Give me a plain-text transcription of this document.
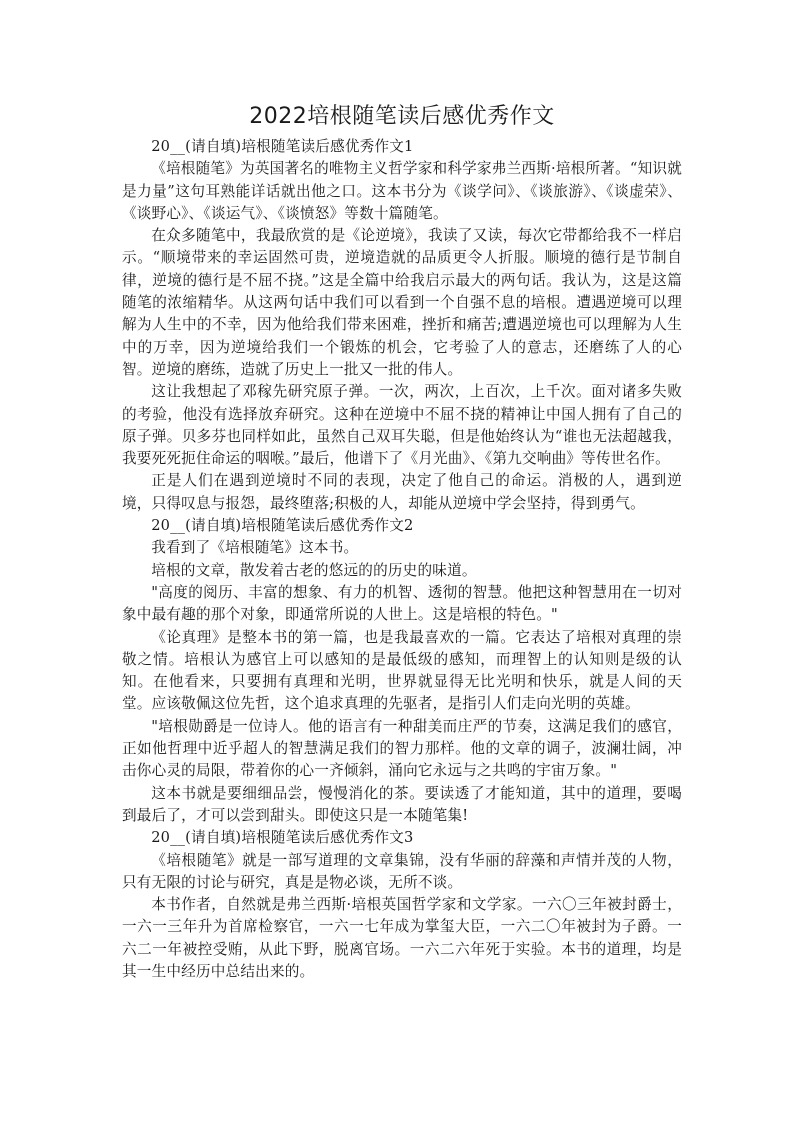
2022培根随笔读后感优秀作文

20__(请自填)培根随笔读后感优秀作文1

《培根随笔》为英国著名的唯物主义哲学家和科学家弗兰西斯·培根所著。“知识就是力量”这句耳熟能详话就出他之口。这本书分为《谈学问》、《谈旅游》、《谈虚荣》、《谈野心》、《谈运气》、《谈愤怒》等数十篇随笔。

在众多随笔中，我最欣赏的是《论逆境》，我读了又读，每次它带都给我不一样启示。“顺境带来的幸运固然可贵，逆境造就的品质更令人折服。顺境的德行是节制自律，逆境的德行是不屈不挠。”这是全篇中给我启示最大的两句话。我认为，这是这篇随笔的浓缩精华。从这两句话中我们可以看到一个自强不息的培根。遭遇逆境可以理解为人生中的不幸，因为他给我们带来困难，挫折和痛苦;遭遇逆境也可以理解为人生中的万幸，因为逆境给我们一个锻炼的机会，它考验了人的意志，还磨练了人的心智。逆境的磨练，造就了历史上一批又一批的伟人。

这让我想起了邓稼先研究原子弹。一次，两次，上百次，上千次。面对诸多失败的考验，他没有选择放弃研究。这种在逆境中不屈不挠的精神让中国人拥有了自己的原子弹。贝多芬也同样如此，虽然自己双耳失聪，但是他始终认为“谁也无法超越我，我要死死扼住命运的咽喉。”最后，他谱下了《月光曲》、《第九交响曲》等传世名作。

正是人们在遇到逆境时不同的表现，决定了他自己的命运。消极的人，遇到逆境，只得叹息与报怨，最终堕落;积极的人，却能从逆境中学会坚持，得到勇气。

20__(请自填)培根随笔读后感优秀作文2

我看到了《培根随笔》这本书。

培根的文章，散发着古老的悠远的的历史的味道。

"高度的阅历、丰富的想象、有力的机智、透彻的智慧。他把这种智慧用在一切对象中最有趣的那个对象，即通常所说的人世上。这是培根的特色。"

《论真理》是整本书的第一篇，也是我最喜欢的一篇。它表达了培根对真理的崇敬之情。培根认为感官上可以感知的是最低级的感知，而理智上的认知则是级的认知。在他看来，只要拥有真理和光明，世界就显得无比光明和快乐，就是人间的天堂。应该敬佩这位先哲，这个追求真理的先驱者，是指引人们走向光明的英雄。

"培根勋爵是一位诗人。他的语言有一种甜美而庄严的节奏，这满足我们的感官，正如他哲理中近乎超人的智慧满足我们的智力那样。他的文章的调子，波澜壮阔，冲击你心灵的局限，带着你的心一齐倾斜，涌向它永远与之共鸣的宇宙万象。"

这本书就是要细细品尝，慢慢消化的茶。要读透了才能知道，其中的道理，要喝到最后了，才可以尝到甜头。即使这只是一本随笔集!

20__(请自填)培根随笔读后感优秀作文3

《培根随笔》就是一部写道理的文章集锦，没有华丽的辞藻和声情并茂的人物，只有无限的讨论与研究，真是是物必谈，无所不谈。

本书作者，自然就是弗兰西斯·培根英国哲学家和文学家。一六〇三年被封爵士，一六一三年升为首席检察官，一六一七年成为掌玺大臣，一六二〇年被封为子爵。一六二一年被控受贿，从此下野，脱离官场。一六二六年死于实验。本书的道理，均是其一生中经历中总结出来的。
